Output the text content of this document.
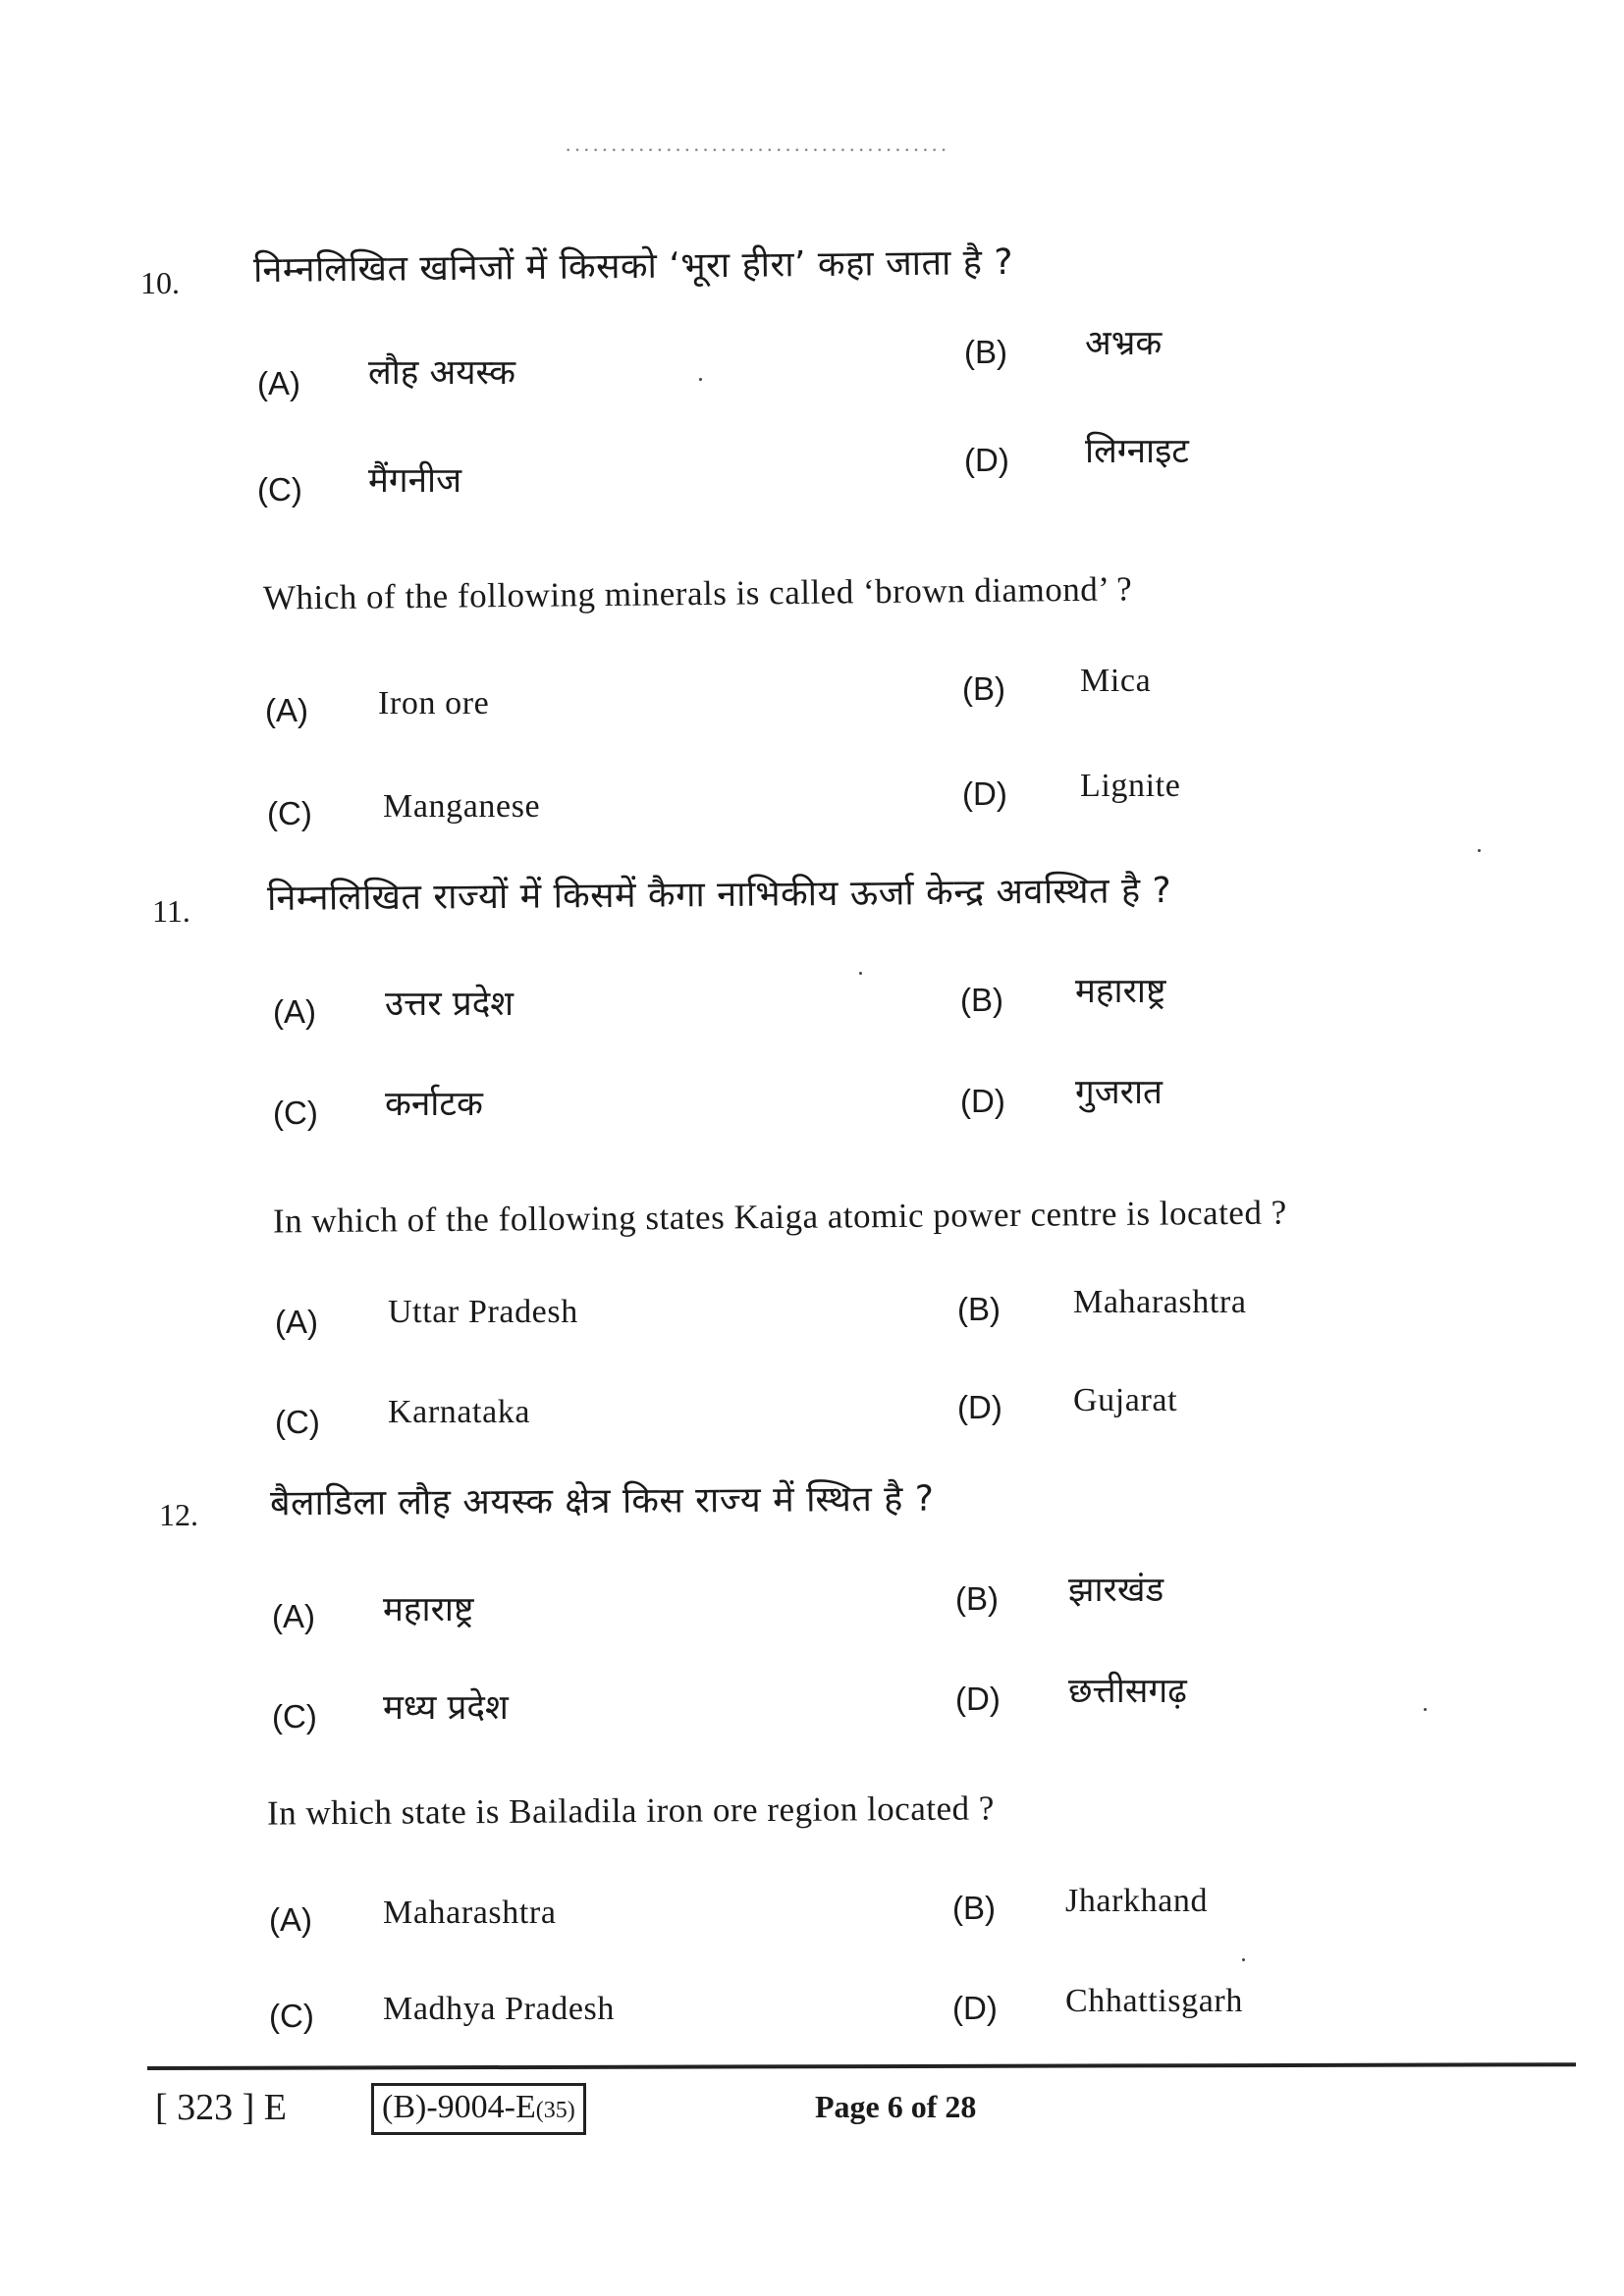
··········································
10. निम्नलिखित खनिजों में किसको ‘भूरा हीरा’ कहा जाता है ?
(A) लौह अयस्क
(B) अभ्रक
(C) मैंगनीज
(D) लिग्नाइट
Which of the following minerals is called ‘brown diamond’ ?
(A) Iron ore	(B) Mica
(C) Manganese	(D) Lignite
11. निम्नलिखित राज्यों में किसमें कैगा नाभिकीय ऊर्जा केन्द्र अवस्थित है ?
(A) उत्तर प्रदेश	(B) महाराष्ट्र
(C) कर्नाटक	(D) गुजरात
In which of the following states Kaiga atomic power centre is located ?
(A) Uttar Pradesh	(B) Maharashtra
(C) Karnataka	(D) Gujarat
12. बैलाडिला लौह अयस्क क्षेत्र किस राज्य में स्थित है ?
(A) महाराष्ट्र	(B) झारखंड
(C) मध्य प्रदेश	(D) छत्तीसगढ़
In which state is Bailadila iron ore region located ?
(A) Maharashtra	(B) Jharkhand
(C) Madhya Pradesh	(D) Chhattisgarh
[ 323 ] E	(B)-9004-E(35)	Page 6 of 28
